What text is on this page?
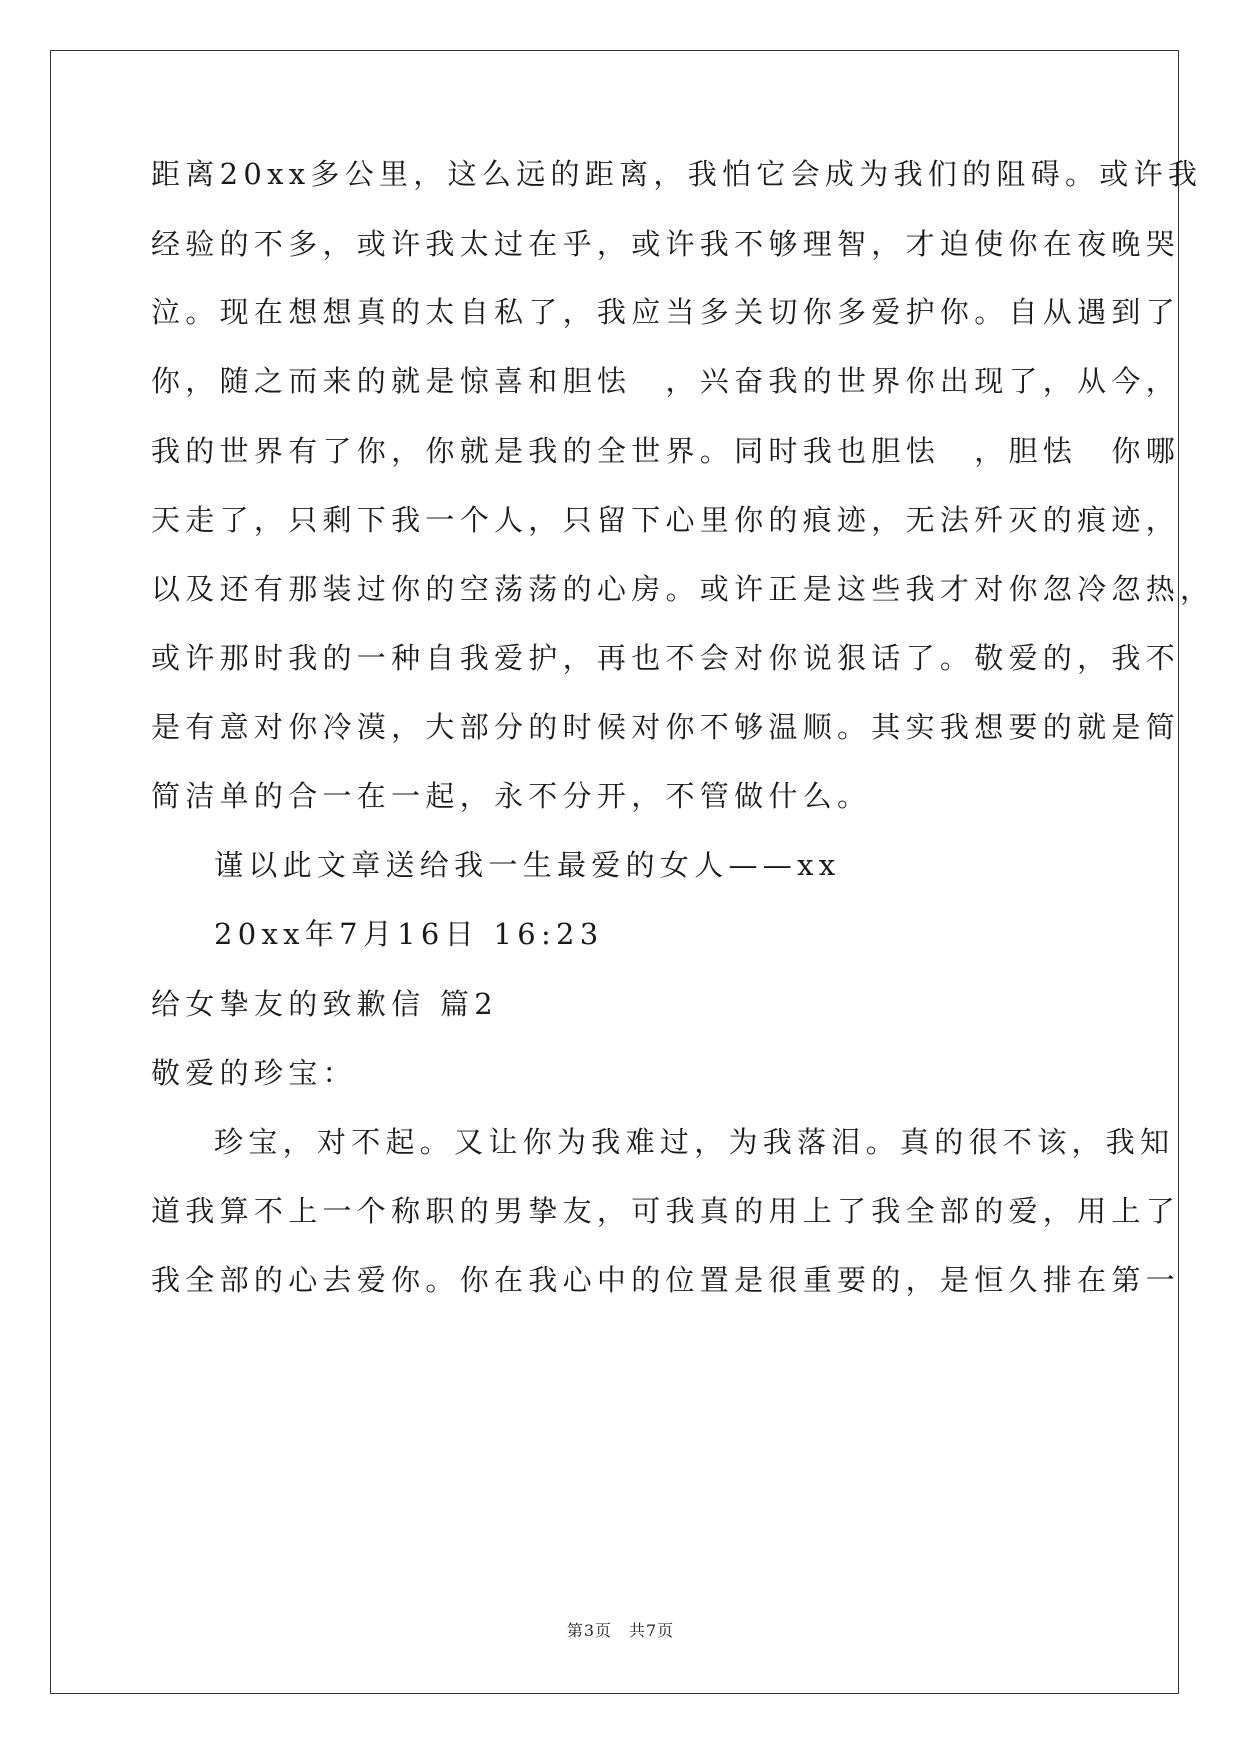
距离20xx多公里，这么远的距离，我怕它会成为我们的阻碍。或许我
经验的不多，或许我太过在乎，或许我不够理智，才迫使你在夜晚哭
泣。现在想想真的太自私了，我应当多关切你多爱护你。自从遇到了
你，随之而来的就是惊喜和胆怯　，兴奋我的世界你出现了，从今，
我的世界有了你，你就是我的全世界。同时我也胆怯　，胆怯　你哪
天走了，只剩下我一个人，只留下心里你的痕迹，无法歼灭的痕迹，
以及还有那装过你的空荡荡的心房。或许正是这些我才对你忽冷忽热，
或许那时我的一种自我爱护，再也不会对你说狠话了。敬爱的，我不
是有意对你冷漠，大部分的时候对你不够温顺。其实我想要的就是简
简洁单的合一在一起，永不分开，不管做什么。
谨以此文章送给我一生最爱的女人——xx
20xx年7月16日 16:23
给女挚友的致歉信 篇2
敬爱的珍宝：
珍宝，对不起。又让你为我难过，为我落泪。真的很不该，我知
道我算不上一个称职的男挚友，可我真的用上了我全部的爱，用上了
我全部的心去爱你。你在我心中的位置是很重要的，是恒久排在第一
第3页　共7页
